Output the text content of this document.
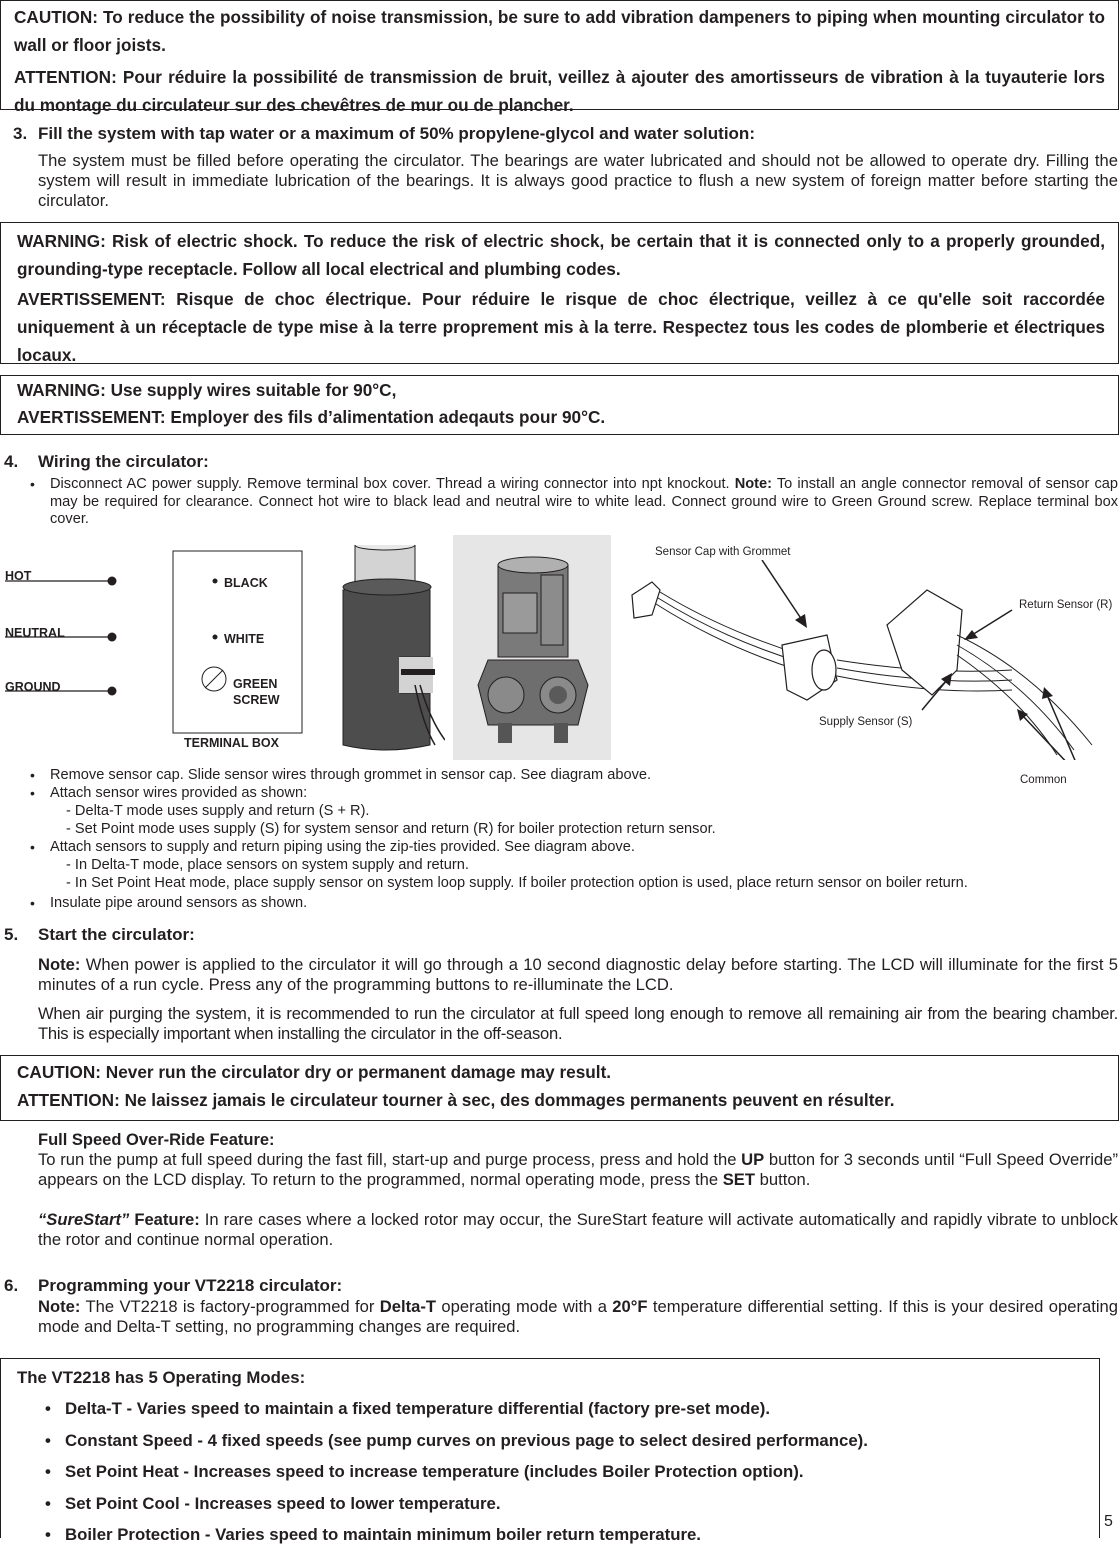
CAUTION: To reduce the possibility of noise transmission, be sure to add vibration dampeners to piping when mounting circulator to wall or floor joists.

ATTENTION: Pour réduire la possibilité de transmission de bruit, veillez à ajouter des amortisseurs de vibration à la tuyauterie lors du montage du circulateur sur des chevêtres de mur ou de plancher.

3. Fill the system with tap water or a maximum of 50% propylene-glycol and water solution:

The system must be filled before operating the circulator. The bearings are water lubricated and should not be allowed to operate dry. Filling the system will result in immediate lubrication of the bearings. It is always good practice to flush a new system of foreign matter before starting the circulator.

WARNING: Risk of electric shock. To reduce the risk of electric shock, be certain that it is connected only to a properly grounded, grounding-type receptacle. Follow all local electrical and plumbing codes.

AVERTISSEMENT: Risque de choc électrique. Pour réduire le risque de choc électrique, veillez à ce qu'elle soit raccordée uniquement à un réceptacle de type mise à la terre proprement mis à la terre. Respectez tous les codes de plomberie et électriques locaux.

WARNING: Use supply wires suitable for 90°C,

AVERTISSEMENT: Employer des fils d’alimentation adeqauts pour 90°C.

4. Wiring the circulator:
• Disconnect AC power supply. Remove terminal box cover. Thread a wiring connector into npt knockout. Note: To install an angle connector removal of sensor cap may be required for clearance. Connect hot wire to black lead and neutral wire to white lead. Connect ground wire to Green Ground screw. Replace terminal box cover.

HOT
NEUTRAL
GROUND
BLACK
WHITE
GREEN
SCREW
TERMINAL BOX
Sensor Cap with Grommet
Return Sensor (R)
Supply Sensor (S)
Common
• Remove sensor cap. Slide sensor wires through grommet in sensor cap. See diagram above.

• Attach sensor wires provided as shown:

- Delta-T mode uses supply and return (S + R).

- Set Point mode uses supply (S) for system sensor and return (R) for boiler protection return sensor.

• Attach sensors to supply and return piping using the zip-ties provided. See diagram above.

- In Delta-T mode, place sensors on system supply and return.

- In Set Point Heat mode, place supply sensor on system loop supply. If boiler protection option is used, place return sensor on boiler return.

• Insulate pipe around sensors as shown.

5. Start the circulator:

Note: When power is applied to the circulator it will go through a 10 second diagnostic delay before starting. The LCD will illuminate for the first 5 minutes of a run cycle. Press any of the programming buttons to re-illuminate the LCD.

When air purging the system, it is recommended to run the circulator at full speed long enough to remove all remaining air from the bearing chamber. This is especially important when installing the circulator in the off-season.

CAUTION: Never run the circulator dry or permanent damage may result.

ATTENTION: Ne laissez jamais le circulateur tourner à sec, des dommages permanents peuvent en résulter.

Full Speed Over-Ride Feature:

To run the pump at full speed during the fast fill, start-up and purge process, press and hold the UP button for 3 seconds until “Full Speed Override” appears on the LCD display. To return to the programmed, normal operating mode, press the SET button.

“SureStart” Feature: In rare cases where a locked rotor may occur, the SureStart feature will activate automatically and rapidly vibrate to unblock the rotor and continue normal operation.

6. Programming your VT2218 circulator:

Note: The VT2218 is factory-programmed for Delta-T operating mode with a 20°F temperature differential setting. If this is your desired operating mode and Delta-T setting, no programming changes are required.

The VT2218 has 5 Operating Modes:
• Delta-T - Varies speed to maintain a fixed temperature differential (factory pre-set mode).
• Constant Speed - 4 fixed speeds (see pump curves on previous page to select desired performance).
• Set Point Heat - Increases speed to increase temperature (includes Boiler Protection option).
• Set Point Cool - Increases speed to lower temperature.
• Boiler Protection - Varies speed to maintain minimum boiler return temperature.
5
